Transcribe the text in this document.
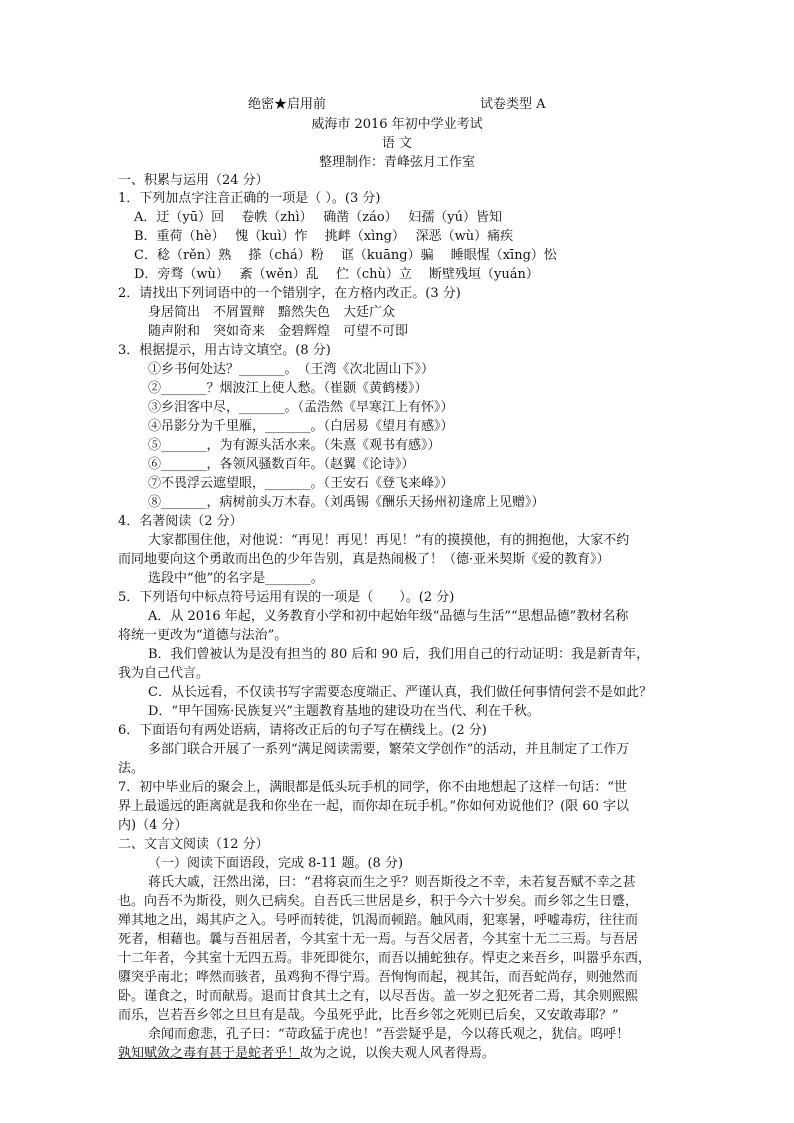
绝密★启用前	试卷类型 A
威海市 2016 年初中学业考试
语 文
整理制作：青峰弦月工作室
一、积累与运用（24 分）
1．下列加点字注音正确的一项是（ ）。(3 分)
A．迂（yū）回　 卷帙（zhì）　 确凿（záo）　 妇孺（yú）皆知
B．重荷（hè）　 愧（kuì）怍　 挑衅（xìng）　 深恶（wù）痛疾
C．稔（rěn）熟　 搽（chá）粉　 诓（kuāng）骗　 睡眼惺（xīng）忪
D．旁骛（wù）　 紊（wěn）乱　 伫（chù）立　 断壁残垣（yuán）
2．请找出下列词语中的一个错别字，在方格内改正。(3 分)
身居简出　不屑置辩　黯然失色　大廷广众
随声附和　突如奇来　金碧辉煌　可望不可即
3．根据提示，用古诗文填空。(8 分)
①乡书何处达？_______。　（王湾《次北固山下》）
②_______？烟波江上使人愁。（崔颢《黄鹤楼》）
③乡泪客中尽，_______。（孟浩然《早寒江上有怀》）
④吊影分为千里雁，_______。（白居易《望月有感》）
⑤_______，为有源头活水来。（朱熹《观书有感》）
⑥_______，各领风骚数百年。（赵翼《论诗》）
⑦不畏浮云遮望眼，_______。（王安石《登飞来峰》）
⑧_______，病树前头万木春。（刘禹锡《酬乐天扬州初逢席上见赠》）
4．名著阅读（2 分）
大家都围住他，对他说：“再见！再见！再见！”有的摸摸他，有的拥抱他，大家不约
而同地要向这个勇敢而出色的少年告别，真是热闹极了！（德·亚米契斯《爱的教育》）
选段中“他”的名字是_______。
5．下列语句中标点符号运用有误的一项是（　　）。(2 分)
A．从 2016 年起，义务教育小学和初中起始年级“品德与生活”“思想品德”教材名称
将统一更改为“道德与法治”。
B．我们曾被认为是没有担当的 80 后和 90 后，我们用自己的行动证明：我是新青年，
我为自己代言。
C．从长远看，不仅读书写字需要态度端正、严谨认真，我们做任何事情何尝不是如此？
D．“甲午国殇·民族复兴”主题教育基地的建设功在当代、利在千秋。
6．下面语句有两处语病，请将改正后的句子写在横线上。(2 分)
多部门联合开展了一系列“满足阅读需要，繁荣文学创作”的活动，并且制定了工作万
法。
7．初中毕业后的聚会上，满眼都是低头玩手机的同学，你不由地想起了这样一句话：“世
界上最遥远的距离就是我和你坐在一起，而你却在玩手机。”你如何劝说他们？(限 60 字以
内)（4 分）
二、文言文阅读（12 分）
（一）阅读下面语段，完成 8-11 题。(8 分)
蒋氏大戚，汪然出涕，曰：“君将哀而生之乎？则吾斯役之不幸，未若复吾赋不幸之甚
也。向吾不为斯役，则久已病矣。自吾氏三世居是乡，积于今六十岁矣。而乡邻之生日蹙，
殚其地之出，竭其庐之入。号呼而转徙，饥渴而顿踣。触风雨，犯寒暑，呼嘘毒疠，往往而
死者，相藉也。曩与吾祖居者，今其室十无一焉。与吾父居者，今其室十无二三焉。与吾居
十二年者，今其室十无四五焉。非死即徙尔，而吾以捕蛇独存。悍吏之来吾乡，叫嚣乎东西，
隳突乎南北；哗然而骇者，虽鸡狗不得宁焉。吾恂恂而起，视其缶，而吾蛇尚存，则弛然而
卧。谨食之，时而献焉。退而甘食其土之有，以尽吾齿。盖一岁之犯死者二焉，其余则熙熙
而乐，岂若吾乡邻之旦旦有是哉。今虽死乎此，比吾乡邻之死则已后矣，又安敢毒耶？”
余闻而愈悲，孔子曰：“苛政猛于虎也！”吾尝疑乎是，今以蒋氏观之，犹信。呜呼！
孰知赋敛之毒有甚于是蛇者乎！故为之说，以俟夫观人风者得焉。
